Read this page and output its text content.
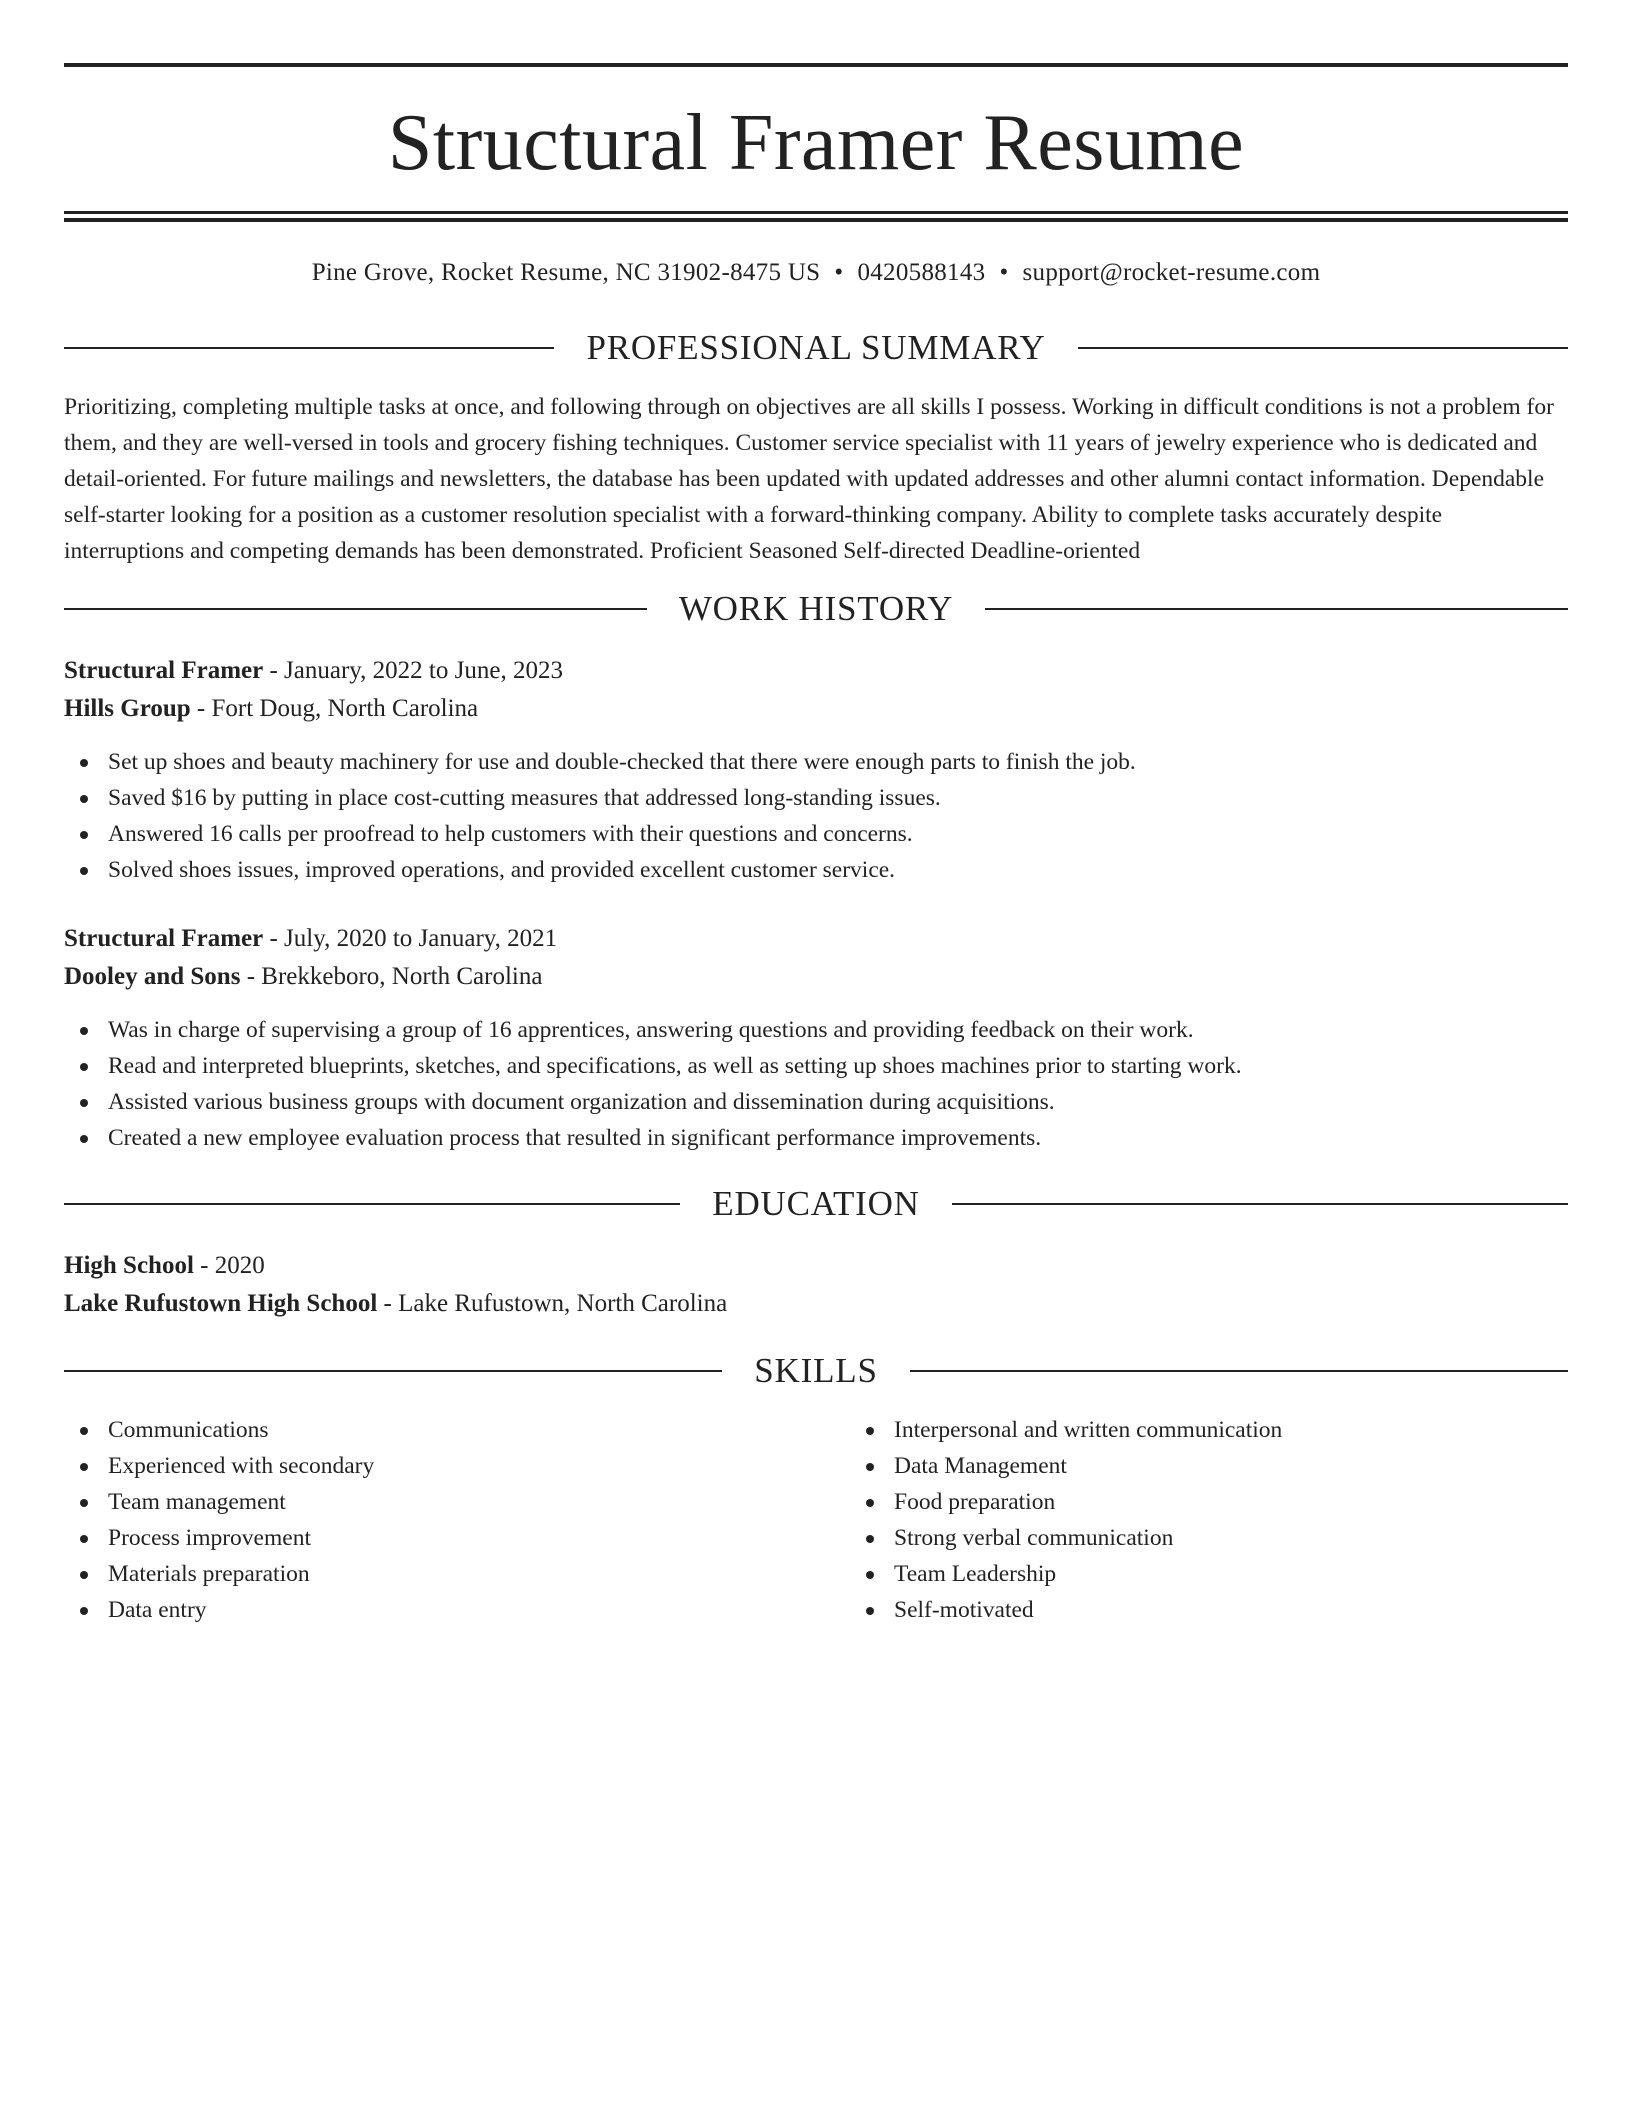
Structural Framer Resume
Pine Grove, Rocket Resume, NC 31902-8475 US • 0420588143 • support@rocket-resume.com
PROFESSIONAL SUMMARY

Prioritizing, completing multiple tasks at once, and following through on objectives are all skills I possess. Working in difficult conditions is not a problem for them, and they are well-versed in tools and grocery fishing techniques. Customer service specialist with 11 years of jewelry experience who is dedicated and detail-oriented. For future mailings and newsletters, the database has been updated with updated addresses and other alumni contact information. Dependable self-starter looking for a position as a customer resolution specialist with a forward-thinking company. Ability to complete tasks accurately despite interruptions and competing demands has been demonstrated. Proficient Seasoned Self-directed Deadline-oriented

WORK HISTORY

Structural Framer - January, 2022 to June, 2023

Hills Group - Fort Doug, North Carolina

Set up shoes and beauty machinery for use and double-checked that there were enough parts to finish the job.
Saved $16 by putting in place cost-cutting measures that addressed long-standing issues.
Answered 16 calls per proofread to help customers with their questions and concerns.
Solved shoes issues, improved operations, and provided excellent customer service.

Structural Framer - July, 2020 to January, 2021

Dooley and Sons - Brekkeboro, North Carolina

Was in charge of supervising a group of 16 apprentices, answering questions and providing feedback on their work.
Read and interpreted blueprints, sketches, and specifications, as well as setting up shoes machines prior to starting work.
Assisted various business groups with document organization and dissemination during acquisitions.
Created a new employee evaluation process that resulted in significant performance improvements.
EDUCATION

High School - 2020

Lake Rufustown High School - Lake Rufustown, North Carolina

SKILLS
Communications
Experienced with secondary
Team management
Process improvement
Materials preparation
Data entry
Interpersonal and written communication
Data Management
Food preparation
Strong verbal communication
Team Leadership
Self-motivated
